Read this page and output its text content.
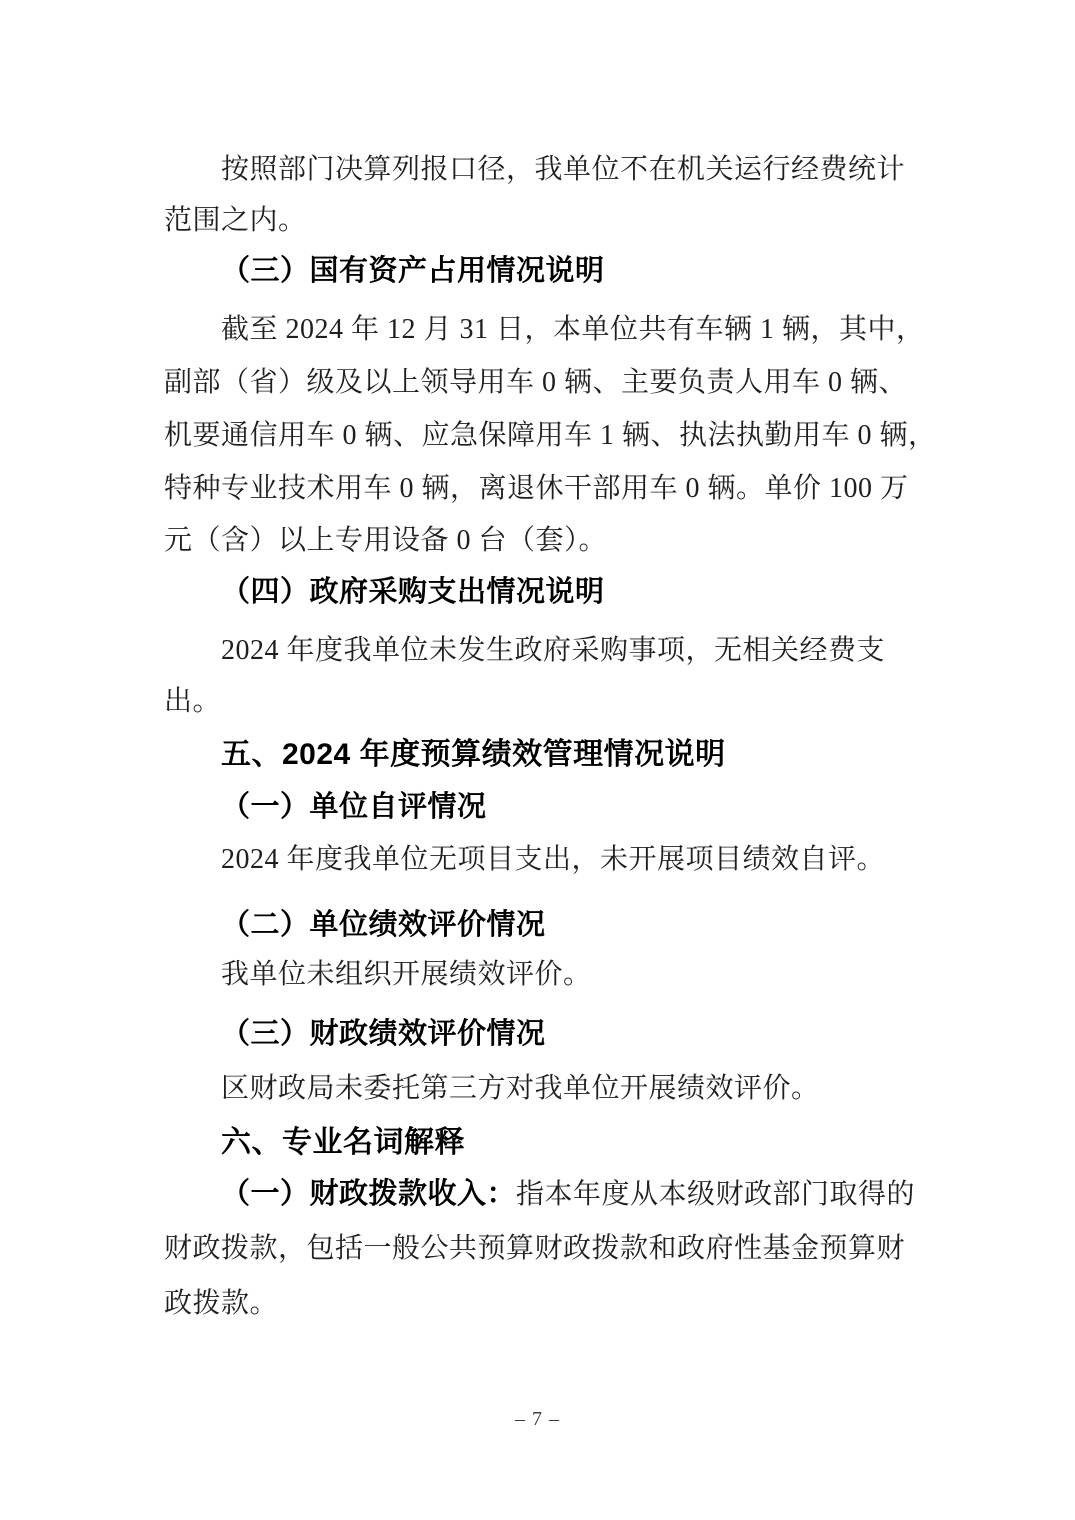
按照部门决算列报口径，我单位不在机关运行经费统计
范围之内。
（三）国有资产占用情况说明
截至 2024 年 12 月 31 日，本单位共有车辆 1 辆，其中，
副部（省）级及以上领导用车 0 辆、主要负责人用车 0 辆、
机要通信用车 0 辆、应急保障用车 1 辆、执法执勤用车 0 辆，
特种专业技术用车 0 辆，离退休干部用车 0 辆。单价 100 万
元（含）以上专用设备 0 台（套）。
（四）政府采购支出情况说明
2024 年度我单位未发生政府采购事项，无相关经费支
出。
五、2024 年度预算绩效管理情况说明
（一）单位自评情况
2024 年度我单位无项目支出，未开展项目绩效自评。
（二）单位绩效评价情况
我单位未组织开展绩效评价。
（三）财政绩效评价情况
区财政局未委托第三方对我单位开展绩效评价。
六、专业名词解释
（一）财政拨款收入：指本年度从本级财政部门取得的
财政拨款，包括一般公共预算财政拨款和政府性基金预算财
政拨款。
– 7 –
